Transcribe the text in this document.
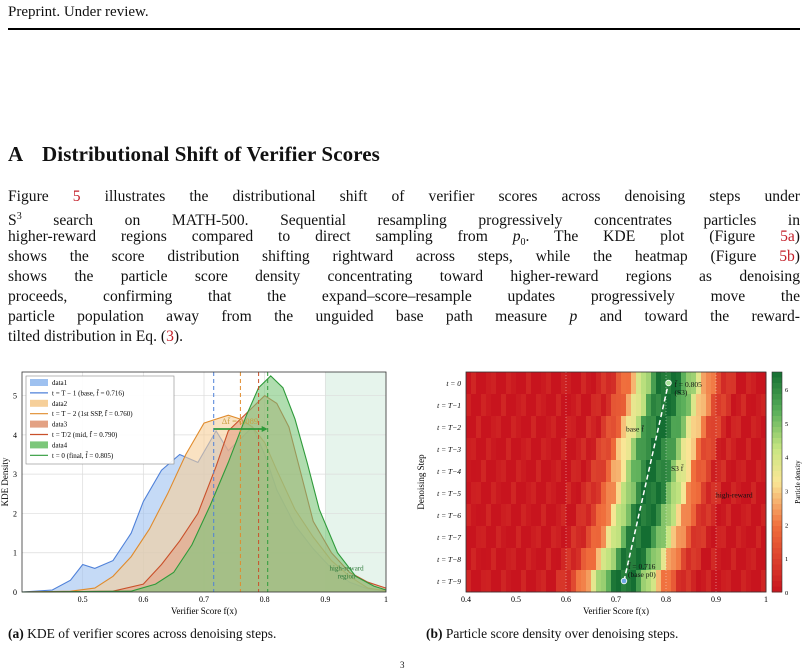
Preprint. Under review.
A Distributional Shift of Verifier Scores
Figure 5 illustrates the distributional shift of verifier scores across denoising steps under
$S^3$ search on MATH-500. Sequential resampling progressively concentrates particles in
higher-reward regions compared to direct sampling from $p_0$. The KDE plot (Figure 5a)
shows the score distribution shifting rightward across steps, while the heatmap (Figure 5b)
shows the particle score density concentrating toward higher-reward regions as denoising
proceeds, confirming that the expand–score–resample updates progressively move the
particle population away from the unguided base path measure p and toward the reward-
tilted distribution in Eq. (3).
Δf̄ = 0.089
high-reward
region
0.5	0.6	0.7	0.8	0.9	1
0
1
2
3
4
5
Verifier Score f(x)
KDE Density
data1
t = T − 1 (base, f̄ = 0.716)
data2
t = T − 2 (1st SSP, f̄ = 0.760)
data3
t = T/2 (mid, f̄ = 0.790)
data4
t = 0 (final, f̄ = 0.805)
f̄ = 0.805
(S3)
base f̄
S3 f̄
high-reward
f̄ = 0.716
(base p0)
t = 0
t = T−1
t = T−2
t = T−3
t = T−4
t = T−5
t = T−6
t = T−7
t = T−8
t = T−9
0.4	0.5	0.6	0.7	0.8	0.9	1
Verifier Score f(x)
Denoising Step
0
1
2
3
4
5
6
Particle density
(a) KDE of verifier scores across denoising steps.	(b) Particle score density over denoising steps.
3
